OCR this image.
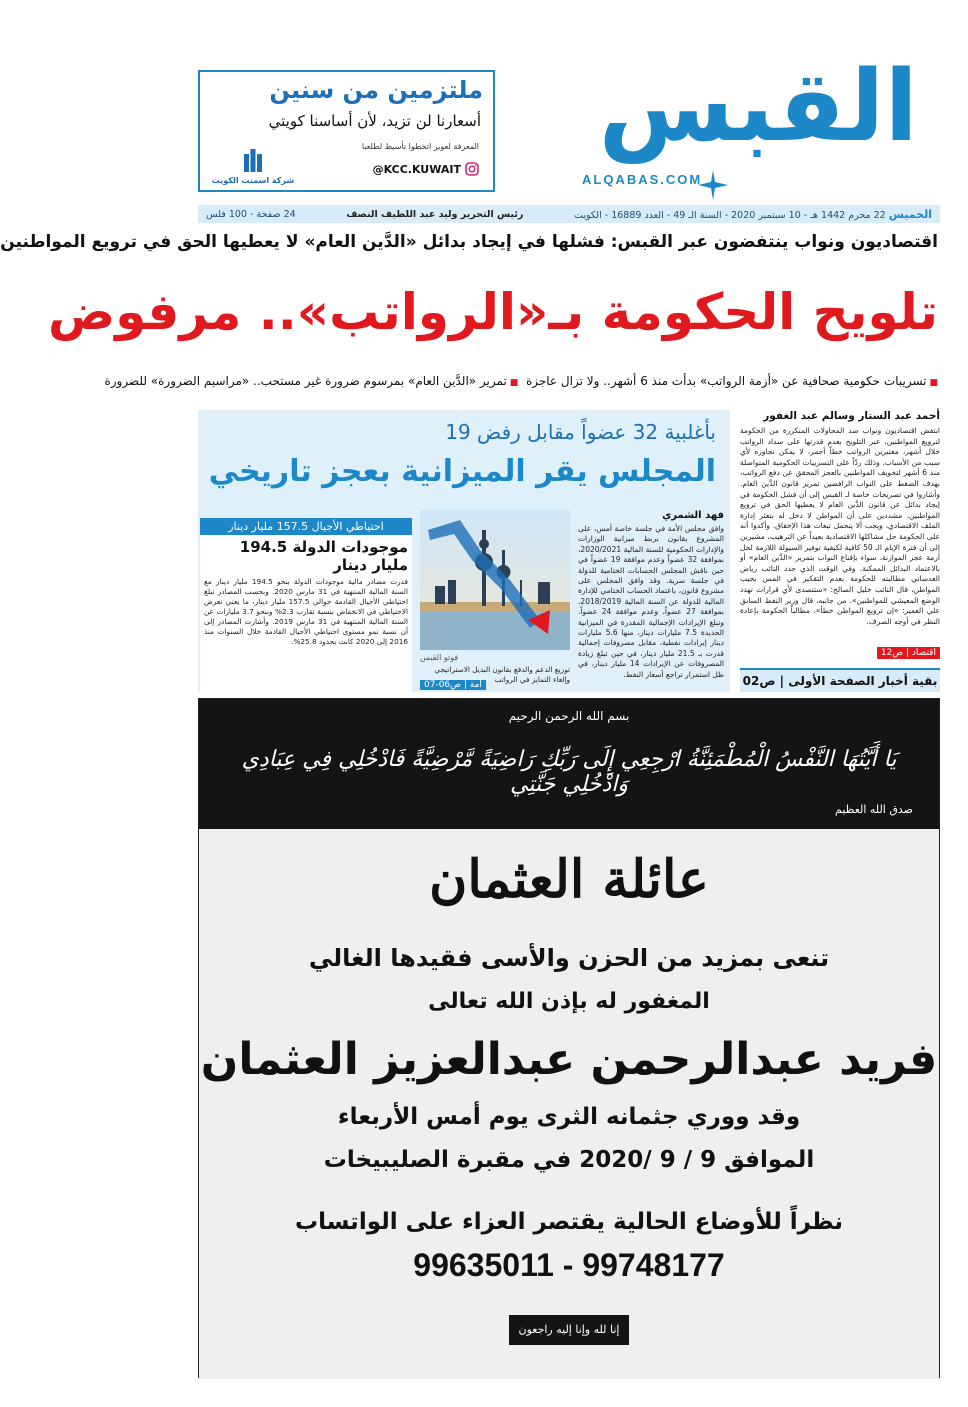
القبس
ALQABAS.COM
ملتزمين من سنين
أسعارنا لن تزيد، لأن أساسنا كويتي
المعرفة لعوير اتخطوا تأسيط لطلعبا
@KCC.KUWAIT
شركة اسمنت الكويت
الخميس 22 محرم 1442 هـ - 10 سبتمبر 2020 - السنة الـ 49 - العدد 16889 - الكويت
رئيس التحرير وليد عبد اللطيف النصف
24 صفحة - 100 فلس
اقتصاديون ونواب ينتفضون عبر القبس: فشلها في إيجاد بدائل «الدَّين العام» لا يعطيها الحق في ترويع المواطنين
تلويح الحكومة بـ«الرواتب».. مرفوض
■تسريبات حكومية صحافية عن «أزمة الرواتب» بدأت منذ 6 أشهر.. ولا تزال عاجزة  ■تمرير «الدَّين العام» بمرسوم ضرورة غير مستحب.. «مراسيم الضرورة» للضرورة
أحمد عبد الستار وسالم عبد الغفور
انتفض اقتصاديون ونواب ضد المحاولات المتكررة من الحكومة لترويع المواطنين، عبر التلويح بعدم قدرتها على سداد الرواتب خلال أشهر، معتبرين الرواتب خطاً أحمر، لا يمكن تجاوزه لأي سبب من الأسباب. وذلك ردّاً على التسريبات الحكومية المتواصلة منذ 6 أشهر لتخويف المواطنين بالعجز المحقق عن دفع الرواتب، بهدف الضغط على النواب الرافضين تمرير قانون الدَّين العام. وأشاروا في تصريحات خاصة لـ القبس إلى أن فشل الحكومة في إيجاد بدائل عن قانون الدَّين العام لا يعطيها الحق في ترويع المواطنين، مشددين على أن المواطن لا دخل له بتعثر إدارة الملف الاقتصادي، ويجب ألا يتحمل تبعات هذا الإخفاق. وأكدوا أنه على الحكومة حل مشاكلها الاقتصادية بعيداً عن الترهيب، مشيرين إلى أن فترة الإيام الـ 50 كافية لكيفية توفير السيولة اللازمة لحل أزمة عجز الموازنة، سواء بإقناع النواب بتمرير «الدَّين العام» أو بالاعتماد البدائل الممكنة. وفي الوقت الذي جدد النائب رياض العدساني مطالبته للحكومة بعدم التفكير في المس بجيب المواطن، قال النائب خليل الصالح: «ستتصدى لأي قرارات تهدد الوضع المعيشي للمواطنين». من جانبه، قال وزير النفط السابق علي العمير: «إن ترويع المواطن خطأ»، مطالباً الحكومة بإعادة النظر في أوجه الصرف.
اقتصاد | ص12
بقية أخبار الصفحة الأولى | ص02
بأغلبية 32 عضواً مقابل رفض 19
المجلس يقر الميزانية بعجز تاريخي
فهد الشمري
وافق مجلس الأمة في جلسة خاصة أمس، على المشروع بقانون بربط ميزانية الوزارات والإدارات الحكومية للسنة المالية 2020/2021، بموافقة 32 عضواً وعدم موافقة 19 عضواً في حين ناقش المجلس الحسابات الختامية للدولة في جلسة سرية. وقد وافق المجلس على مشروع قانون، باعتماد الحساب الختامي للإدارة المالية للدولة عن السنة المالية 2018/2019، بموافقة 27 عضواً، وعدم موافقة 24 عضواً. وتبلغ الإيرادات الإجمالية المقدرة في الميزانية الجديدة 7.5 مليارات دينار، منها 5.6 مليارات دينار إيرادات نفطية، مقابل مصروفات إجمالية قدرت بـ 21.5 مليار دينار، في حين تبلغ زيادة المصروفات عن الإيرادات 14 مليار دينار، في ظل استمرار تراجع أسعار النفط.
فوتو القبس
توزيع الدعم والدفع بقانون البديل الاستراتيجي وإلغاء التمايز في الرواتب
أمة | ص06-07
احتياطي الأجيال 157.5 مليار دينار
موجودات الدولة 194.5 مليار دينار
قدرت مصادر مالية موجودات الدولة بنحو 194.5 مليار دينار مع السنة المالية المنتهية في 31 مارس 2020. وبحسب المصادر تبلغ احتياطي الأجيال القادمة حوالي 157.5 مليار دينار، ما يعني تعرض الاحتياطي في الانخفاض بنسبة تقارب 2.3% وبنحو 3.7 مليارات عن السنة المالية المنتهية في 31 مارس 2019. وأشارت المصادر إلى أن نسبة نمو مستوى احتياطي الأجيال القادمة خلال السنوات منذ 2016 إلى 2020 كانت بحدود 25.8%.
بسم الله الرحمن الرحيم
يَا أَيَّتُهَا النَّفْسُ الْمُطْمَئِنَّةُ ارْجِعِي إِلَى رَبِّكِ رَاضِيَةً مَّرْضِيَّةً فَادْخُلِي فِي عِبَادِي وَادْخُلِي جَنَّتِي
صدق الله العظيم
عائلة العثمان
تنعى بمزيد من الحزن والأسى فقيدها الغالي
المغفور له بإذن الله تعالى
فريد عبدالرحمن عبدالعزيز العثمان
وقد ووري جثمانه الثرى يوم أمس الأربعاء
الموافق 9 / 9 /2020 في مقبرة الصليبيخات
نظراً للأوضاع الحالية يقتصر العزاء على الواتساب
99635011 - 99748177
إنا لله وإنا إليه راجعون
